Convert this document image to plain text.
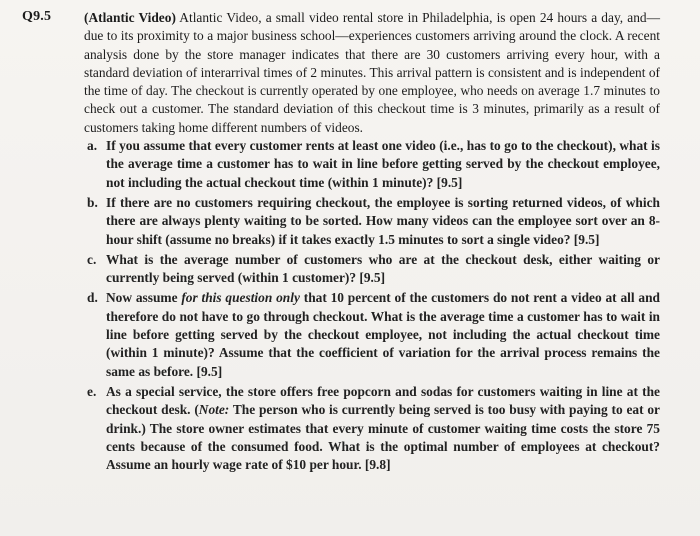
Q9.5 (Atlantic Video) Atlantic Video, a small video rental store in Philadelphia, is open 24 hours a day, and—due to its proximity to a major business school—experiences customers arriving around the clock. A recent analysis done by the store manager indicates that there are 30 customers arriving every hour, with a standard deviation of interarrival times of 2 minutes. This arrival pattern is consistent and is independent of the time of day. The checkout is currently operated by one employee, who needs on average 1.7 minutes to check out a customer. The standard deviation of this checkout time is 3 minutes, primarily as a result of customers taking home different numbers of videos.

a. If you assume that every customer rents at least one video (i.e., has to go to the checkout), what is the average time a customer has to wait in line before getting served by the checkout employee, not including the actual checkout time (within 1 minute)? [9.5]
b. If there are no customers requiring checkout, the employee is sorting returned videos, of which there are always plenty waiting to be sorted. How many videos can the employee sort over an 8-hour shift (assume no breaks) if it takes exactly 1.5 minutes to sort a single video? [9.5]
c. What is the average number of customers who are at the checkout desk, either waiting or currently being served (within 1 customer)? [9.5]
d. Now assume for this question only that 10 percent of the customers do not rent a video at all and therefore do not have to go through checkout. What is the average time a customer has to wait in line before getting served by the checkout employee, not including the actual checkout time (within 1 minute)? Assume that the coefficient of variation for the arrival process remains the same as before. [9.5]
e. As a special service, the store offers free popcorn and sodas for customers waiting in line at the checkout desk. (Note: The person who is currently being served is too busy with paying to eat or drink.) The store owner estimates that every minute of customer waiting time costs the store 75 cents because of the consumed food. What is the optimal number of employees at checkout? Assume an hourly wage rate of $10 per hour. [9.8]
